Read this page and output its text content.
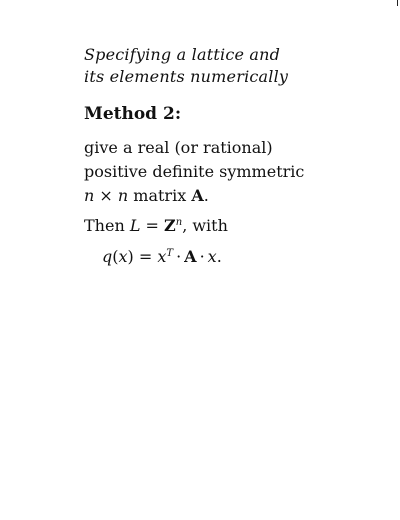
Specifying a lattice and
its elements numerically
Method 2:
give a real (or rational)
positive definite symmetric
n × n matrix A.
Then $L = Z^n$, with
$q(x) = x^T \cdot A \cdot x$.
